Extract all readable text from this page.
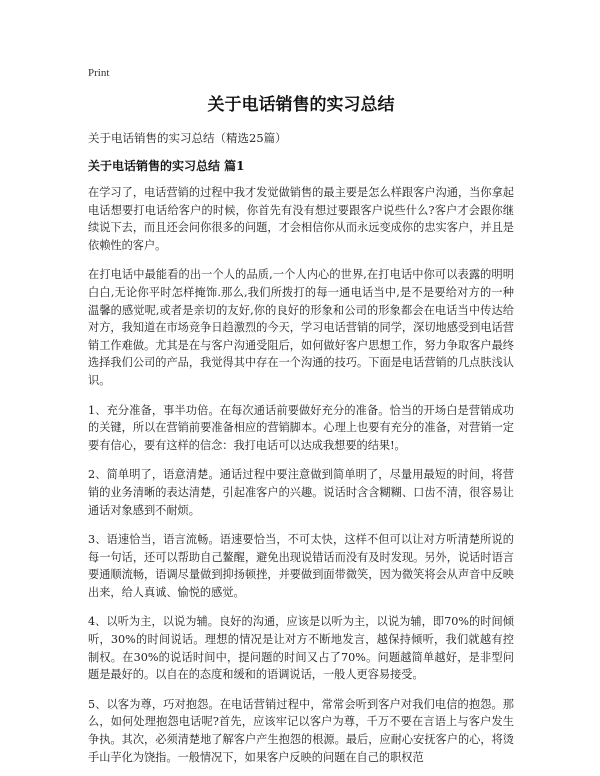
Print
关于电话销售的实习总结

关于电话销售的实习总结（精选25篇）

关于电话销售的实习总结 篇1

在学习了，电话营销的过程中我才发觉做销售的最主要是怎么样跟客户沟通，当你拿起电话想要打电话给客户的时候，你首先有没有想过要跟客户说些什么?客户才会跟你继续说下去，而且还会问你很多的问题，才会相信你从而永远变成你的忠实客户，并且是依赖性的客户。

在打电话中最能看的出一个人的品质,一个人内心的世界,在打电话中你可以表露的明明白白,无论你平时怎样掩饰.那么,我们所拨打的每一通电话当中,是不是要给对方的一种温馨的感觉呢,或者是亲切的友好,你的良好的形象和公司的形象都会在电话当中传达给对方，我知道在市场竞争日趋激烈的今天，学习电话营销的同学，深切地感受到电话营销工作难做。尤其是在与客户沟通受阻后，如何做好客户思想工作，努力争取客户最终选择我们公司的产品，我觉得其中存在一个沟通的技巧。下面是电话营销的几点肤浅认识。

1、充分准备，事半功倍。在每次通话前要做好充分的准备。恰当的开场白是营销成功的关键，所以在营销前要准备相应的营销脚本。心理上也要有充分的准备，对营销一定要有信心，要有这样的信念：我打电话可以达成我想要的结果!。

2、简单明了，语意清楚。通话过程中要注意做到简单明了，尽量用最短的时间，将营销的业务清晰的表达清楚，引起准客户的兴趣。说话时含含糊糊、口齿不清，很容易让通话对象感到不耐烦。

3、语速恰当，语言流畅。语速要恰当，不可太快，这样不但可以让对方听清楚所说的每一句话，还可以帮助自己鳌醒，避免出现说错话而没有及时发现。另外，说话时语言要通顺流畅，语调尽量做到抑扬顿挫，并要做到面带微笑，因为微笑将会从声音中反映出来，给人真诚、愉悦的感觉。

4、以听为主，以说为辅。良好的沟通，应该是以听为主，以说为辅，即70%的时间倾听，30%的时间说话。理想的情况是让对方不断地发言，越保持倾听，我们就越有控制权。在30%的说话时间中，提问题的时间又占了70%。问题越简单越好，是非型问题是最好的。以自在的态度和缓和的语调说话，一般人更容易接受。

5、以客为尊，巧对抱怨。在电话营销过程中，常常会听到客户对我们电信的抱怨。那么，如何处理抱怨电话呢?首先，应该牢记以客户为尊，千万不要在言语上与客户发生争执。其次，必须清楚地了解客户产生抱怨的根源。最后，应耐心安抚客户的心，将烫手山芋化为饶指。一般情况下，如果客户反映的问题在自己的职权范
